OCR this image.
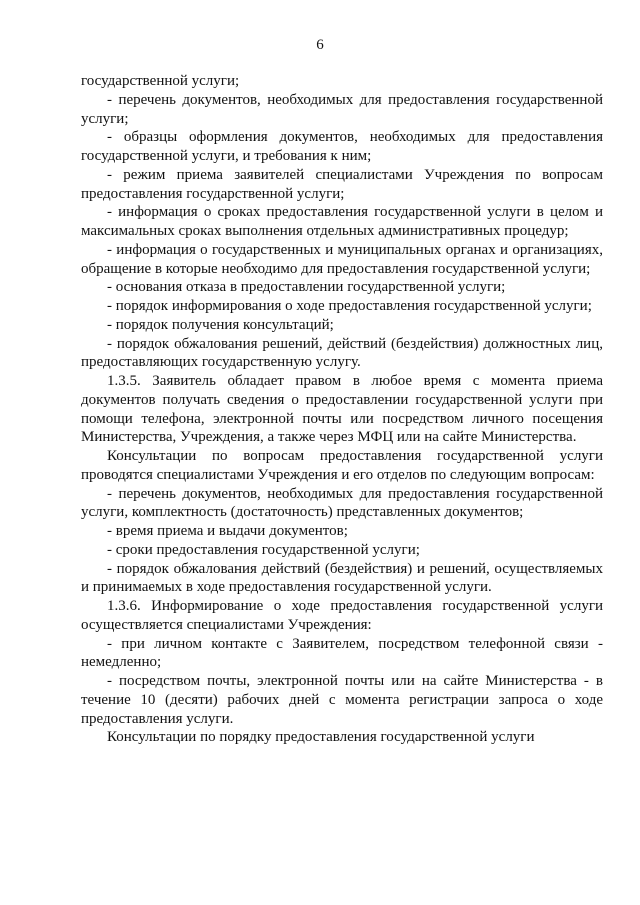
6

государственной услуги;

- перечень документов, необходимых для предоставления государственной услуги;

- образцы оформления документов, необходимых для предоставления государственной услуги, и требования к ним;

- режим приема заявителей специалистами Учреждения по вопросам предоставления государственной услуги;

- информация о сроках предоставления государственной услуги в целом и максимальных сроках выполнения отдельных административных процедур;

- информация о государственных и муниципальных органах и организациях, обращение в которые необходимо для предоставления государственной услуги;

- основания отказа в предоставлении государственной услуги;

- порядок информирования о ходе предоставления государственной услуги;

- порядок получения консультаций;

- порядок обжалования решений, действий (бездействия) должностных лиц, предоставляющих государственную услугу.

1.3.5. Заявитель обладает правом в любое время с момента приема документов получать сведения о предоставлении государственной услуги при помощи телефона, электронной почты или посредством личного посещения Министерства, Учреждения, а также через МФЦ или на сайте Министерства.

Консультации по вопросам предоставления государственной услуги проводятся специалистами Учреждения и его отделов по следующим вопросам:

- перечень документов, необходимых для предоставления государственной услуги, комплектность (достаточность) представленных документов;

- время приема и выдачи документов;

- сроки предоставления государственной услуги;

- порядок обжалования действий (бездействия) и решений, осуществляемых и принимаемых в ходе предоставления государственной услуги.

1.3.6. Информирование о ходе предоставления государственной услуги осуществляется специалистами Учреждения:

- при личном контакте с Заявителем, посредством телефонной связи - немедленно;

- посредством почты, электронной почты или на сайте Министерства - в течение 10 (десяти) рабочих дней с момента регистрации запроса о ходе предоставления услуги.

Консультации по порядку предоставления государственной услуги
